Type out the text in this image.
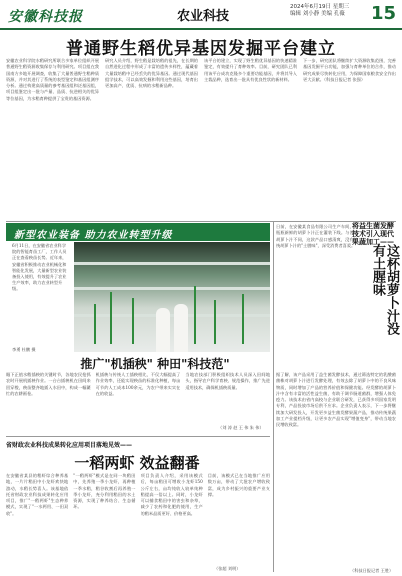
安徽科技报	农业科技
2024年6月19日 星期三
编辑 刘小静 美编 孔薇 15
普通野生稻优异基因发掘平台建立
安徽农业科学院水稻研究所联合多家单位组织开展普通野生稻资源收集保存与利用研究。项目组在我国南方多地开展调查，收集了大量普通野生稻种质资源，并对其进行了系统的表型鉴定和基因组测序分析。通过构建高质量的参考基因组和泛基因组，项目组鉴定出一批与产量、品质、抗逆相关的优异等位基因，为水稻育种提供了宝贵的基因资源。
研究人员介绍，野生稻是栽培稻的祖先，在长期的自然进化过程中形成了丰富的遗传多样性，蕴藏着大量栽培稻中已经丢失的优异基因。通过现代基因组学技术，可以高效发掘和利用这些基因，培育出更加高产、优质、抗病的水稻新品种。
该平台的建立，实现了野生稻优异基因的快速精准鉴定，有效提升了育种效率。目前，研究团队已利用该平台成功克隆多个重要功能基因，并将其导入主栽品种，选育出一批具有优良性状的新材料。
下一步，研究团队将继续扩大资源收集范围，完善基因发掘平台功能，加强与育种单位的合作，推动研究成果尽快转化应用，为保障国家粮食安全作出更大贡献。（科技日报记者 张强）
新型农业装备 助力农业转型升级
6月11日，在安徽省农业科学院的智能育苗工厂，工作人员正在查看秧苗长势。近年来，安徽省积极推动农业机械化和智能化发展，大量新型农业装备投入使用，有效提升了农业生产效率，助力农业转型升级。
李勇 杜鹏 摄
推广"机插秧" 种田"科技范"
眼下正值水稻插秧的关键时节，各地农民抢抓农时开展机插秧作业。一台台插秧机在田间来回穿梭，秧苗整齐地插入水田中，构成一幅繁忙的农耕画卷。
机插秧与传统人工插秧相比，不仅大幅提高了作业效率，还能实现秧苗的标准化种植，每亩可节约人工成本100余元，为农户带来实实在在的收益。
当地农技部门积极组织技术人员深入田间地头，指导农户科学育秧、规范操作，推广先进适用技术，确保机插秧质量。
（刘 涛 赵 王 伟 朱 伟）
省财政农业科技成果转化应用项目落地见效——
一稻两虾 效益翻番
在安徽省某县的稻虾综合种养基地，一片片稻田中小龙虾欢快地游动，水稻长势喜人。该基地依托省财政农业科技成果转化应用项目，推广"一稻两虾"生态种养模式，实现了"一水两用、一田双收"。
"一稻两虾"模式是在同一块稻田中，先养殖一季小龙虾，再种植一季水稻，稻谷收割后再养殖一季小龙虾，充分利用稻田的水土资源，实现了种养结合、生态循环。
项目负责人介绍，采用该模式后，每亩稻田可增收小龙虾150公斤左右，亩均纯收入较单纯种稻提高一倍以上。同时，小龙虾可以捕食稻田中的害虫和杂草，减少了农药和化肥的使用，生产的稻米品质更好、价格更高。
目前，该模式已在当地推广应用数万亩，带动了大批农户增收致富，成为乡村振兴的重要产业支撑。
（张超 刘明）
将益生菌发酵技术引入现代果蔬加工——
这杯胡萝卜汁没有土腥味
日前，在安徽某食品有限公司生产车间，一瓶瓶新鲜的胡萝卜汁正在灌装下线。与普通胡萝卜汁不同，这款产品口感清爽，没有传统胡萝卜汁的"土腥味"，深受消费者喜爱。
据了解，该产品采用了益生菌发酵技术，通过筛选特定的乳酸菌菌株对胡萝卜汁进行发酵处理，有效去除了胡萝卜中的不良风味物质，同时增加了产品的营养价值和保健功能。经发酵的胡萝卜汁中含有丰富的活性益生菌，有助于调节肠道菌群，增强人体免疫力。该技术由省内高校与企业联合研发，已获得多项国家发明专利，产品投放市场后供不应求。企业负责人表示，下一步将继续加大研发投入，开发更多益生菌发酵果蔬产品，推动传统果蔬加工产业提档升级，让更多农产品实现"增值变身"，带动当地农民增收致富。
（科技日报记者 王胜）
